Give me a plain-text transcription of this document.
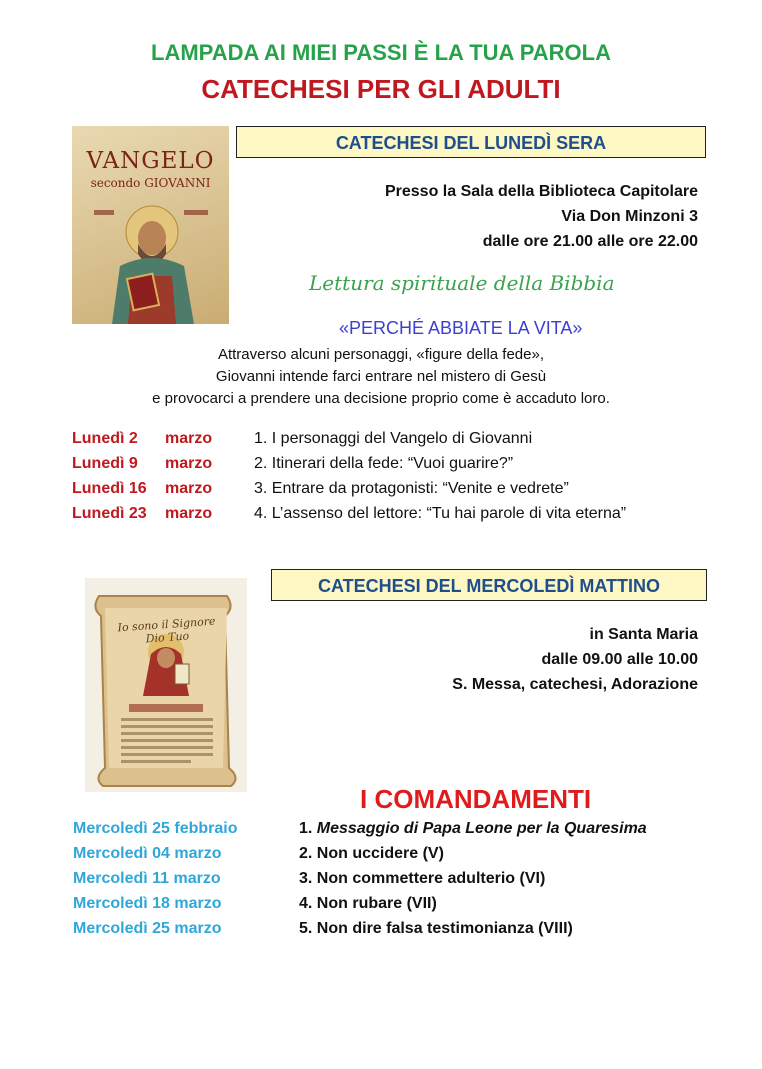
LAMPADA AI MIEI PASSI È LA TUA PAROLA
CATECHESI PER GLI ADULTI
VANGELO
secondo GIOVANNI
CATECHESI DEL LUNEDÌ SERA
Presso la Sala della Biblioteca Capitolare
Via Don Minzoni 3
dalle ore 21.00 alle ore 22.00
Lettura spirituale della Bibbia
«PERCHÉ ABBIATE LA VITA»
Attraverso alcuni personaggi, «figure della fede»,
Giovanni intende farci entrare nel mistero di Gesù
e provocarci a prendere una decisione proprio come è accaduto loro.
Lunedì 2 marzo	1. I personaggi del Vangelo di Giovanni
Lunedì 9 marzo	2. Itinerari della fede: “Vuoi guarire?”
Lunedì 16 marzo	3. Entrare da protagonisti: “Venite e vedrete”
Lunedì 23 marzo	4. L’assenso del lettore: “Tu hai parole di vita eterna”
Io sono il Signore Dio Tuo
CATECHESI DEL MERCOLEDÌ MATTINO
in Santa Maria
dalle 09.00 alle 10.00
S. Messa, catechesi, Adorazione
I COMANDAMENTI
Mercoledì 25 febbraio	1. Messaggio di Papa Leone per la Quaresima
Mercoledì 04 marzo	2. Non uccidere (V)
Mercoledì 11 marzo	3. Non commettere adulterio (VI)
Mercoledì 18 marzo	4. Non rubare (VII)
Mercoledì 25 marzo	5. Non dire falsa testimonianza (VIII)
